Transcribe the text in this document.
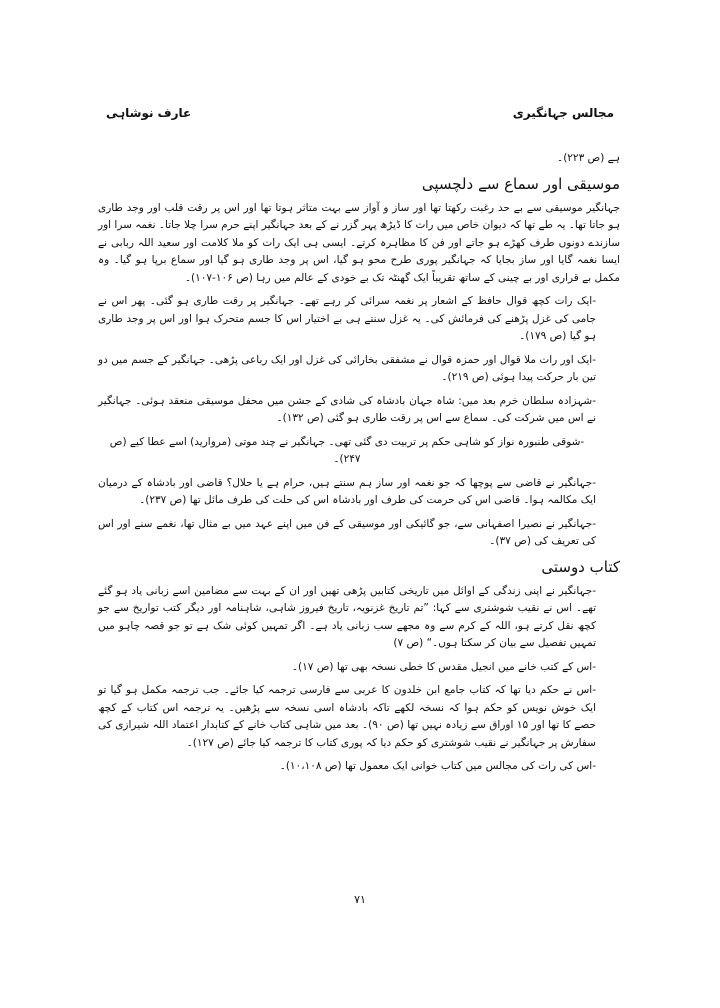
مجالس جہانگیری
عارف نوشاہی

ہے (ص ۲۲۳)۔

موسیقی اور سماع سے دلچسپی

جہانگیر موسیقی سے بے حد رغبت رکھتا تھا اور ساز و آواز سے بہت متاثر ہوتا تھا اور اس پر رقت قلب اور وجد طاری ہو جاتا تھا۔ یہ طے تھا کہ دیوان خاص میں رات کا ڈیڑھ پہر گزر نے کے بعد جہانگیر اپنے حرم سرا چلا جاتا۔ نغمہ سرا اور سازندے دونوں طرف کھڑے ہو جاتے اور فن کا مظاہرہ کرتے۔ ایسی ہی ایک رات کو ملا کلامت اور سعید اللہ ربابی نے ایسا نغمہ گایا اور ساز بجایا کہ جہانگیر پوری طرح محو ہو گیا، اس پر وجد طاری ہو گیا اور سماع برپا ہو گیا۔ وہ مکمل بے قراری اور بے چینی کے ساتھ تقریباً ایک گھنٹہ تک بے خودی کے عالم میں رہا (ص ۱۰۶-۱۰۷)۔

-ایک رات کچھ قوال حافظ کے اشعار پر نغمہ سرائی کر رہے تھے۔ جہانگیر پر رقت طاری ہو گئی۔ پھر اس نے جامی کی غزل پڑھنے کی فرمائش کی۔ یہ غزل سنتے ہی بے اختیار اس کا جسم متحرک ہوا اور اس پر وجد طاری ہو گیا (ص ۱۷۹)۔

-ایک اور رات ملا قوال اور حمزہ قوال نے مشفقی بخارائی کی غزل اور ایک رباعی پڑھی۔ جہانگیر کے جسم میں دو تین بار حرکت پیدا ہوئی (ص ۲۱۹)۔

-شہزادہ سلطان خرم بعد میں: شاہ جہان بادشاہ کی شادی کے جشن میں محفل موسیقی منعقد ہوئی۔ جہانگیر نے اس میں شرکت کی۔ سماع سے اس پر رقت طاری ہو گئی (ص ۱۳۲)۔

-شوقی طنبورہ نواز کو شاہی حکم پر تربیت دی گئی تھی۔ جہانگیر نے چند موتی (مروارید) اسے عطا کیے (ص ۲۴۷)۔

-جہانگیر نے قاضی سے پوچھا کہ جو نغمہ اور ساز ہم سنتے ہیں، حرام ہے یا حلال؟ قاضی اور بادشاہ کے درمیان ایک مکالمہ ہوا۔ قاضی اس کی حرمت کی طرف اور بادشاہ اس کی حلت کی طرف مائل تھا (ص ۲۳۷)۔

-جہانگیر نے نصیرا اصفہانی سے، جو گائیکی اور موسیقی کے فن میں اپنے عہد میں بے مثال تھا، نغمے سنے اور اس کی تعریف کی (ص ۳۷)۔

کتاب دوستی

-جہانگیر نے اپنی زندگی کے اوائل میں تاریخی کتابیں پڑھی تھیں اور ان کے بہت سے مضامین اسے زبانی یاد ہو گئے تھے۔ اس نے نقیب شوشتری سے کہا: ”تم تاریخ غزنویہ، تاریخ فیروز شاہی، شاہنامہ اور دیگر کتب تواریخ سے جو کچھ نقل کرتے ہو، اللہ کے کرم سے وہ مجھے سب زبانی یاد ہے۔ اگر تمہیں کوئی شک ہے تو جو قصہ چاہو میں تمہیں تفصیل سے بیان کر سکتا ہوں۔“ (ص ۷)

-اس کے کتب خانے میں انجیل مقدس کا خطی نسخہ بھی تھا (ص ۱۷)۔

-اس نے حکم دیا تھا کہ کتاب جامع ابن خلدون کا عربی سے فارسی ترجمہ کیا جائے۔ جب ترجمہ مکمل ہو گیا تو ایک خوش نویس کو حکم ہوا کہ نسخہ لکھے تاکہ بادشاہ اسی نسخہ سے پڑھیں۔ یہ ترجمہ اس کتاب کے کچھ حصے کا تھا اور ۱۵ اوراق سے زیادہ نہیں تھا (ص ۹۰)۔ بعد میں شاہی کتاب خانے کے کتابدار اعتماد اللہ شیرازی کی سفارش پر جہانگیر نے نقیب شوشتری کو حکم دیا کہ پوری کتاب کا ترجمہ کیا جائے (ص ۱۲۷)۔

-اس کی رات کی مجالس میں کتاب خوانی ایک معمول تھا (ص ۱۰،۱۰۸)۔

۷۱
